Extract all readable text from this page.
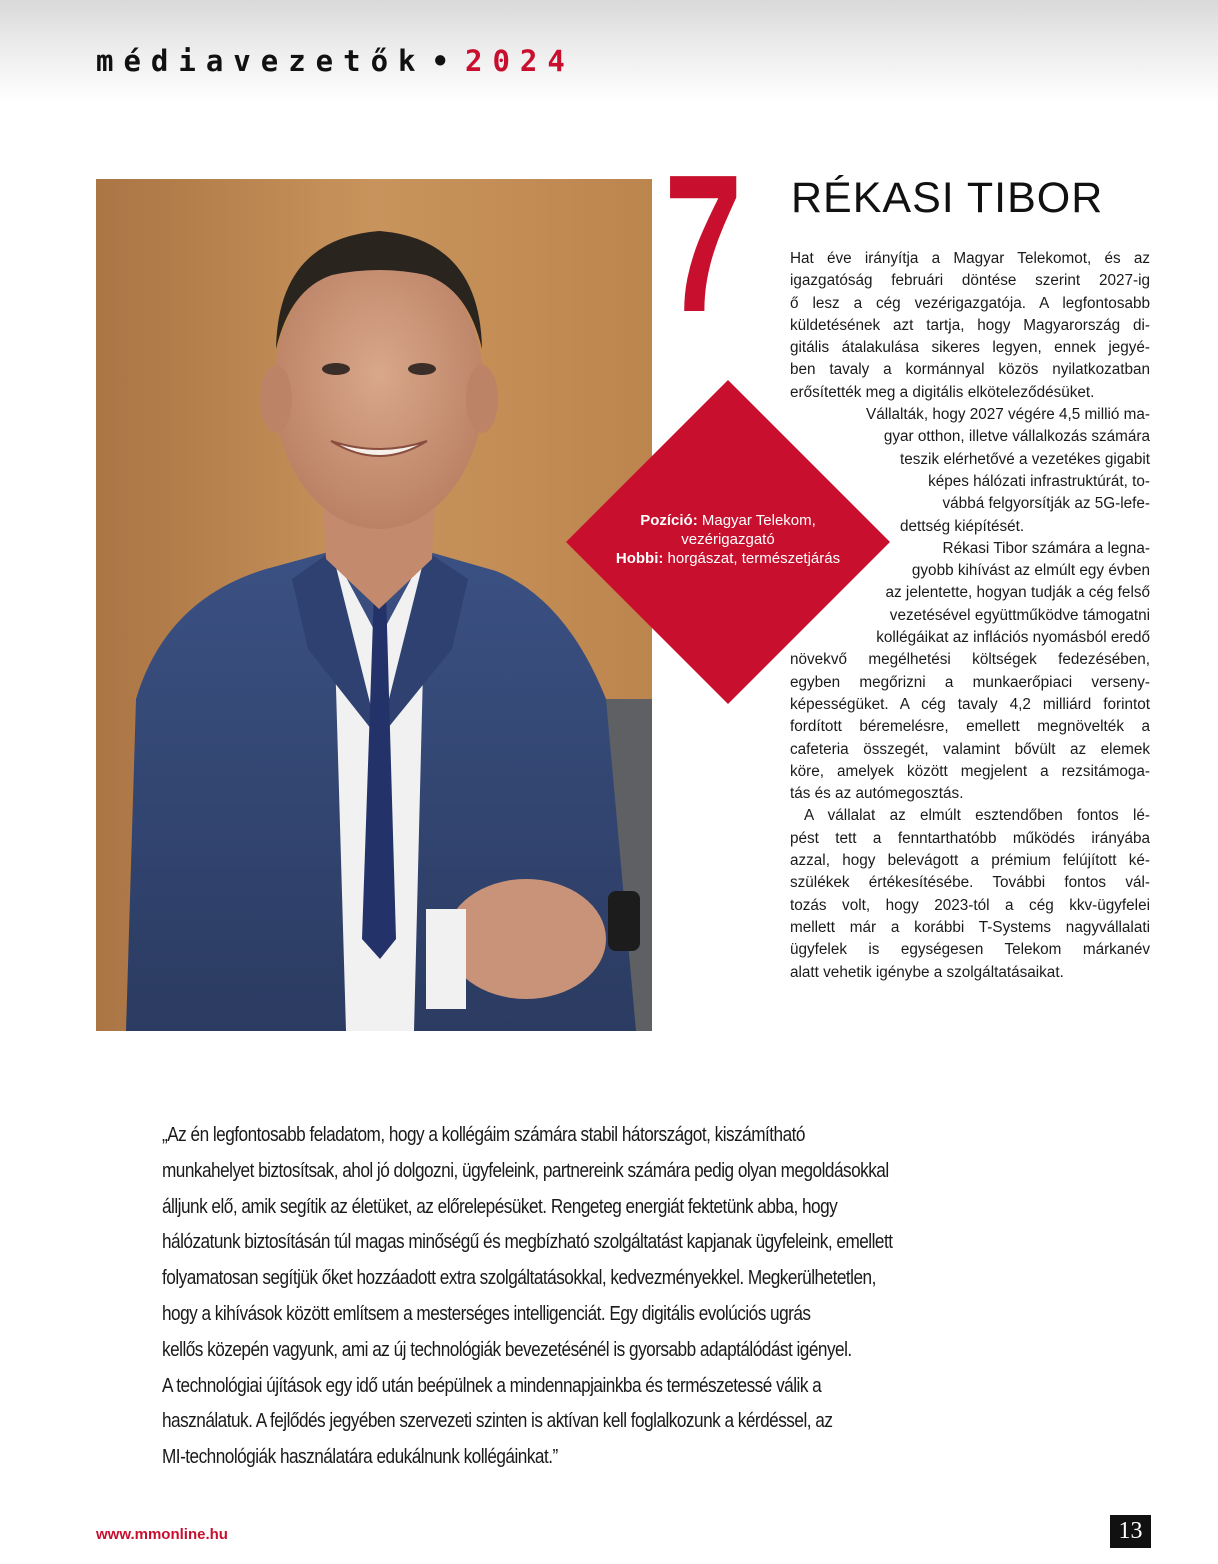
médiavezetők • 2024
7 RÉKASI TIBOR
Pozíció: Magyar Telekom,
vezérigazgató
Hobbi: horgászat, természetjárás

Hat éve irányítja a Magyar Telekomot, és az

igazgatóság februári döntése szerint 2027-ig

ő lesz a cég vezérigazgatója. A legfontosabb

küldetésének azt tartja, hogy Magyarország di-

gitális átalakulása sikeres legyen, ennek jegyé-

ben tavaly a kormánnyal közös nyilatkozatban

erősítették meg a digitális elköteleződésüket.

Vállalták, hogy 2027 végére 4,5 millió ma-

gyar otthon, illetve vállalkozás számára

teszik elérhetővé a vezetékes gigabit

képes hálózati infrastruktúrát, to-

vábbá felgyorsítják az 5G-lefe-

dettség kiépítését.

Rékasi Tibor számára a legna-

gyobb kihívást az elmúlt egy évben

az jelentette, hogyan tudják a cég felső

vezetésével együttműködve támogatni

kollégáikat az inflációs nyomásból eredő

növekvő megélhetési költségek fedezésében,

egyben megőrizni a munkaerőpiaci verseny-

képességüket. A cég tavaly 4,2 milliárd forintot

fordított béremelésre, emellett megnövelték a

cafeteria összegét, valamint bővült az elemek

köre, amelyek között megjelent a rezsitámoga-

tás és az autómegosztás.

A vállalat az elmúlt esztendőben fontos lé-

pést tett a fenntarthatóbb működés irányába

azzal, hogy belevágott a prémium felújított ké-

szülékek értékesítésébe. További fontos vál-

tozás volt, hogy 2023-tól a cég kkv-ügyfelei

mellett már a korábbi T-Systems nagyvállalati

ügyfelek is egységesen Telekom márkanév

alatt vehetik igénybe a szolgáltatásaikat.

„Az én legfontosabb feladatom, hogy a kollégáim számára stabil hátországot, kiszámítható
munkahelyet biztosítsak, ahol jó dolgozni, ügyfeleink, partnereink számára pedig olyan megoldásokkal
álljunk elő, amik segítik az életüket, az előrelepésüket. Rengeteg energiát fektetünk abba, hogy
hálózatunk biztosításán túl magas minőségű és megbízható szolgáltatást kapjanak ügyfeleink, emellett
folyamatosan segítjük őket hozzáadott extra szolgáltatásokkal, kedvezményekkel. Megkerülhetetlen,
hogy a kihívások között említsem a mesterséges intelligenciát. Egy digitális evolúciós ugrás
kellős közepén vagyunk, ami az új technológiák bevezetésénél is gyorsabb adaptálódást igényel.
A technológiai újítások egy idő után beépülnek a mindennapjainkba és természetessé válik a
használatuk. A fejlődés jegyében szervezeti szinten is aktívan kell foglalkozunk a kérdéssel, az
MI-technológiák használatára edukálnunk kollégáinkat.”
www.mmonline.hu	13
